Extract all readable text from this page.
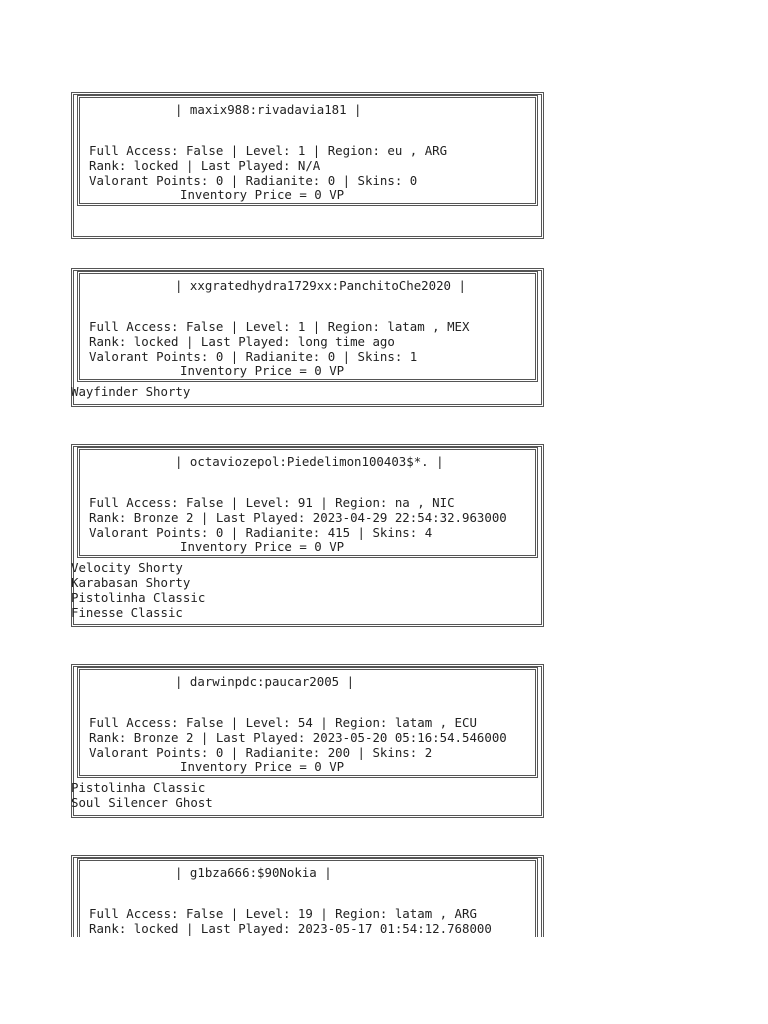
| maxix988:rivadavia181 |
Full Access: False | Level: 1 | Region: eu , ARG
Rank: locked | Last Played: N/A
Valorant Points: 0 | Radianite: 0 | Skins: 0
Inventory Price = 0 VP
| xxgratedhydra1729xx:PanchitoChe2020 |
Full Access: False | Level: 1 | Region: latam , MEX
Rank: locked | Last Played: long time ago
Valorant Points: 0 | Radianite: 0 | Skins: 1
Inventory Price = 0 VP
Wayfinder Shorty
| octaviozepol:Piedelimon100403$*. |
Full Access: False | Level: 91 | Region: na , NIC
Rank: Bronze 2 | Last Played: 2023-04-29 22:54:32.963000
Valorant Points: 0 | Radianite: 415 | Skins: 4
Inventory Price = 0 VP
Velocity Shorty
Karabasan Shorty
Pistolinha Classic
Finesse Classic
| darwinpdc:paucar2005 |
Full Access: False | Level: 54 | Region: latam , ECU
Rank: Bronze 2 | Last Played: 2023-05-20 05:16:54.546000
Valorant Points: 0 | Radianite: 200 | Skins: 2
Inventory Price = 0 VP
Pistolinha Classic
Soul Silencer Ghost
| g1bza666:$90Nokia |
Full Access: False | Level: 19 | Region: latam , ARG
Rank: locked | Last Played: 2023-05-17 01:54:12.768000
